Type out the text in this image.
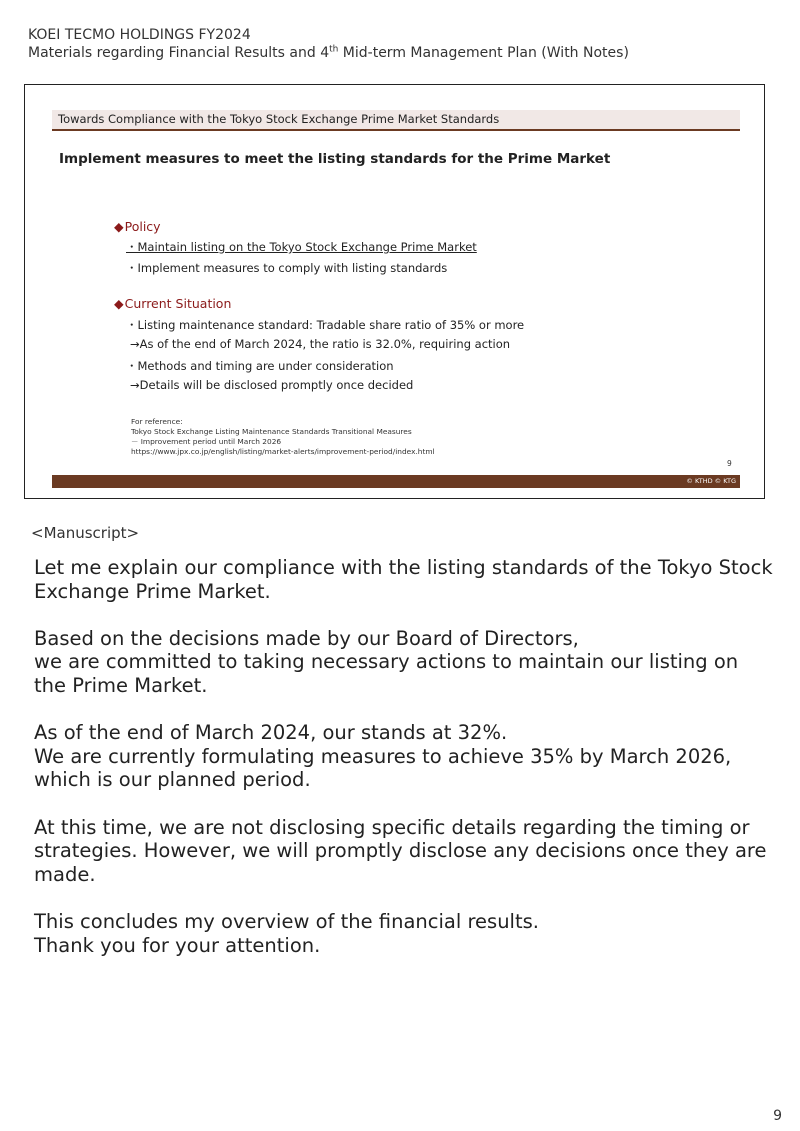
KOEI TECMO HOLDINGS FY2024
Materials regarding Financial Results and 4th Mid-term Management Plan (With Notes)
Towards Compliance with the Tokyo Stock Exchange Prime Market Standards
Implement measures to meet the listing standards for the Prime Market
◆Policy
・Maintain listing on the Tokyo Stock Exchange Prime Market
・Implement measures to comply with listing standards
◆Current Situation
・Listing maintenance standard: Tradable share ratio of 35% or more
→As of the end of March 2024, the ratio is 32.0%, requiring action
・Methods and timing are under consideration
→Details will be disclosed promptly once decided
For reference:
Tokyo Stock Exchange Listing Maintenance Standards Transitional Measures
－ Improvement period until March 2026
https://www.jpx.co.jp/english/listing/market-alerts/improvement-period/index.html
9
© KTHD © KTG
<Manuscript>

Let me explain our compliance with the listing standards of the Tokyo Stock Exchange Prime Market.

Based on the decisions made by our Board of Directors,
we are committed to taking necessary actions to maintain our listing on the Prime Market.

As of the end of March 2024, our stands at 32%.
We are currently formulating measures to achieve 35% by March 2026, which is our planned period.

At this time, we are not disclosing specific details regarding the timing or strategies. However, we will promptly disclose any decisions once they are made.

This concludes my overview of the financial results.
Thank you for your attention.

9
